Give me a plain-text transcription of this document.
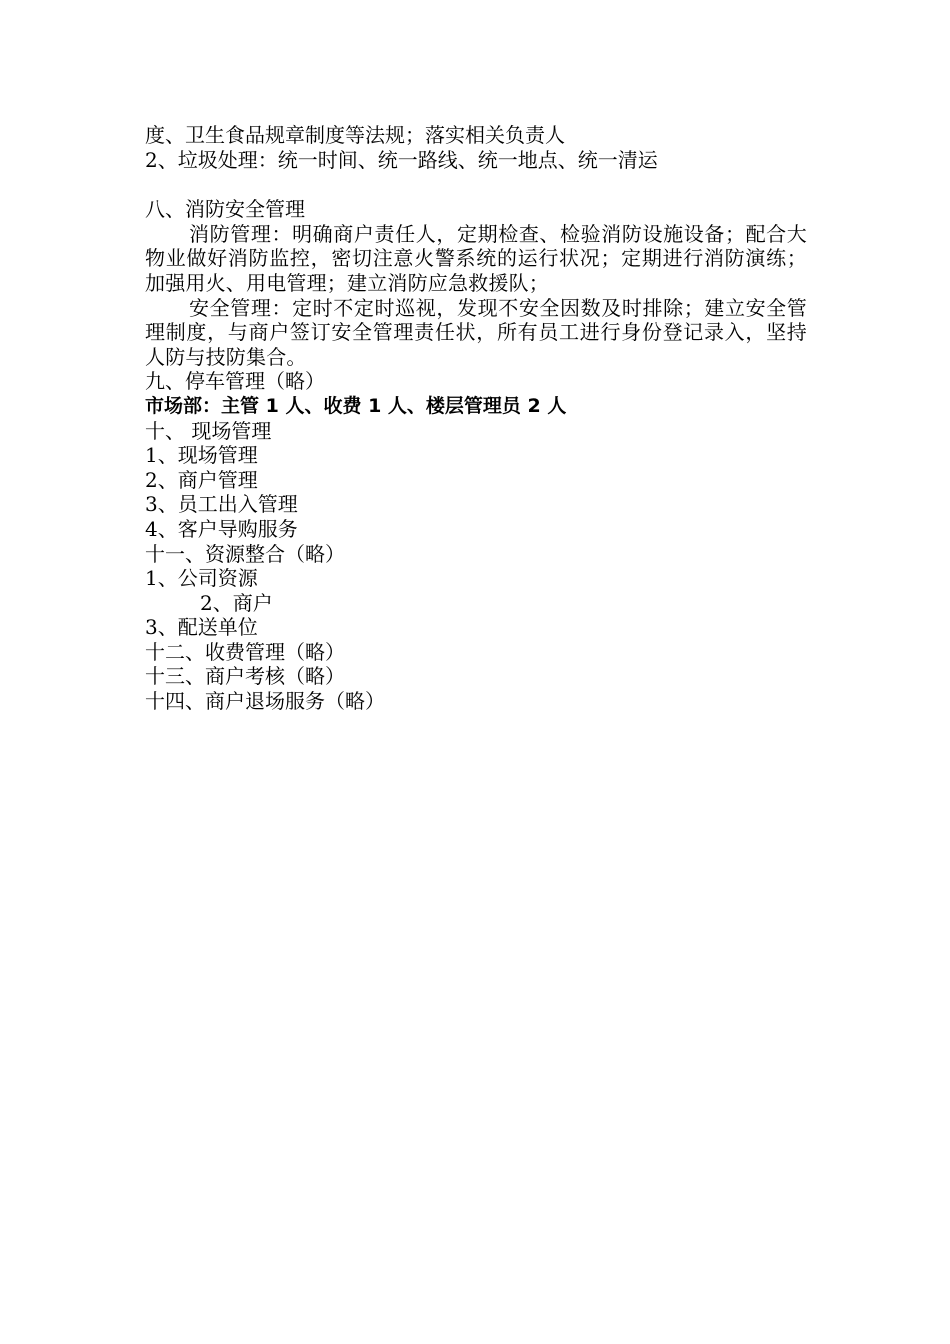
度、卫生食品规章制度等法规；落实相关负责人
2、垃圾处理：统一时间、统一路线、统一地点、统一清运
八、消防安全管理
消防管理：明确商户责任人，定期检查、检验消防设施设备；配合大物业做好消防监控，密切注意火警系统的运行状况；定期进行消防演练；加强用火、用电管理；建立消防应急救援队；
安全管理：定时不定时巡视，发现不安全因数及时排除；建立安全管理制度，与商户签订安全管理责任状，所有员工进行身份登记录入，坚持人防与技防集合。
九、停车管理（略）
市场部：主管 1 人、收费 1 人、楼层管理员 2 人
十、 现场管理
1、现场管理
2、商户管理
3、员工出入管理
4、客户导购服务
十一、资源整合（略）
1、公司资源
2、商户
3、配送单位
十二、收费管理（略）
十三、商户考核（略）
十四、商户退场服务（略）
